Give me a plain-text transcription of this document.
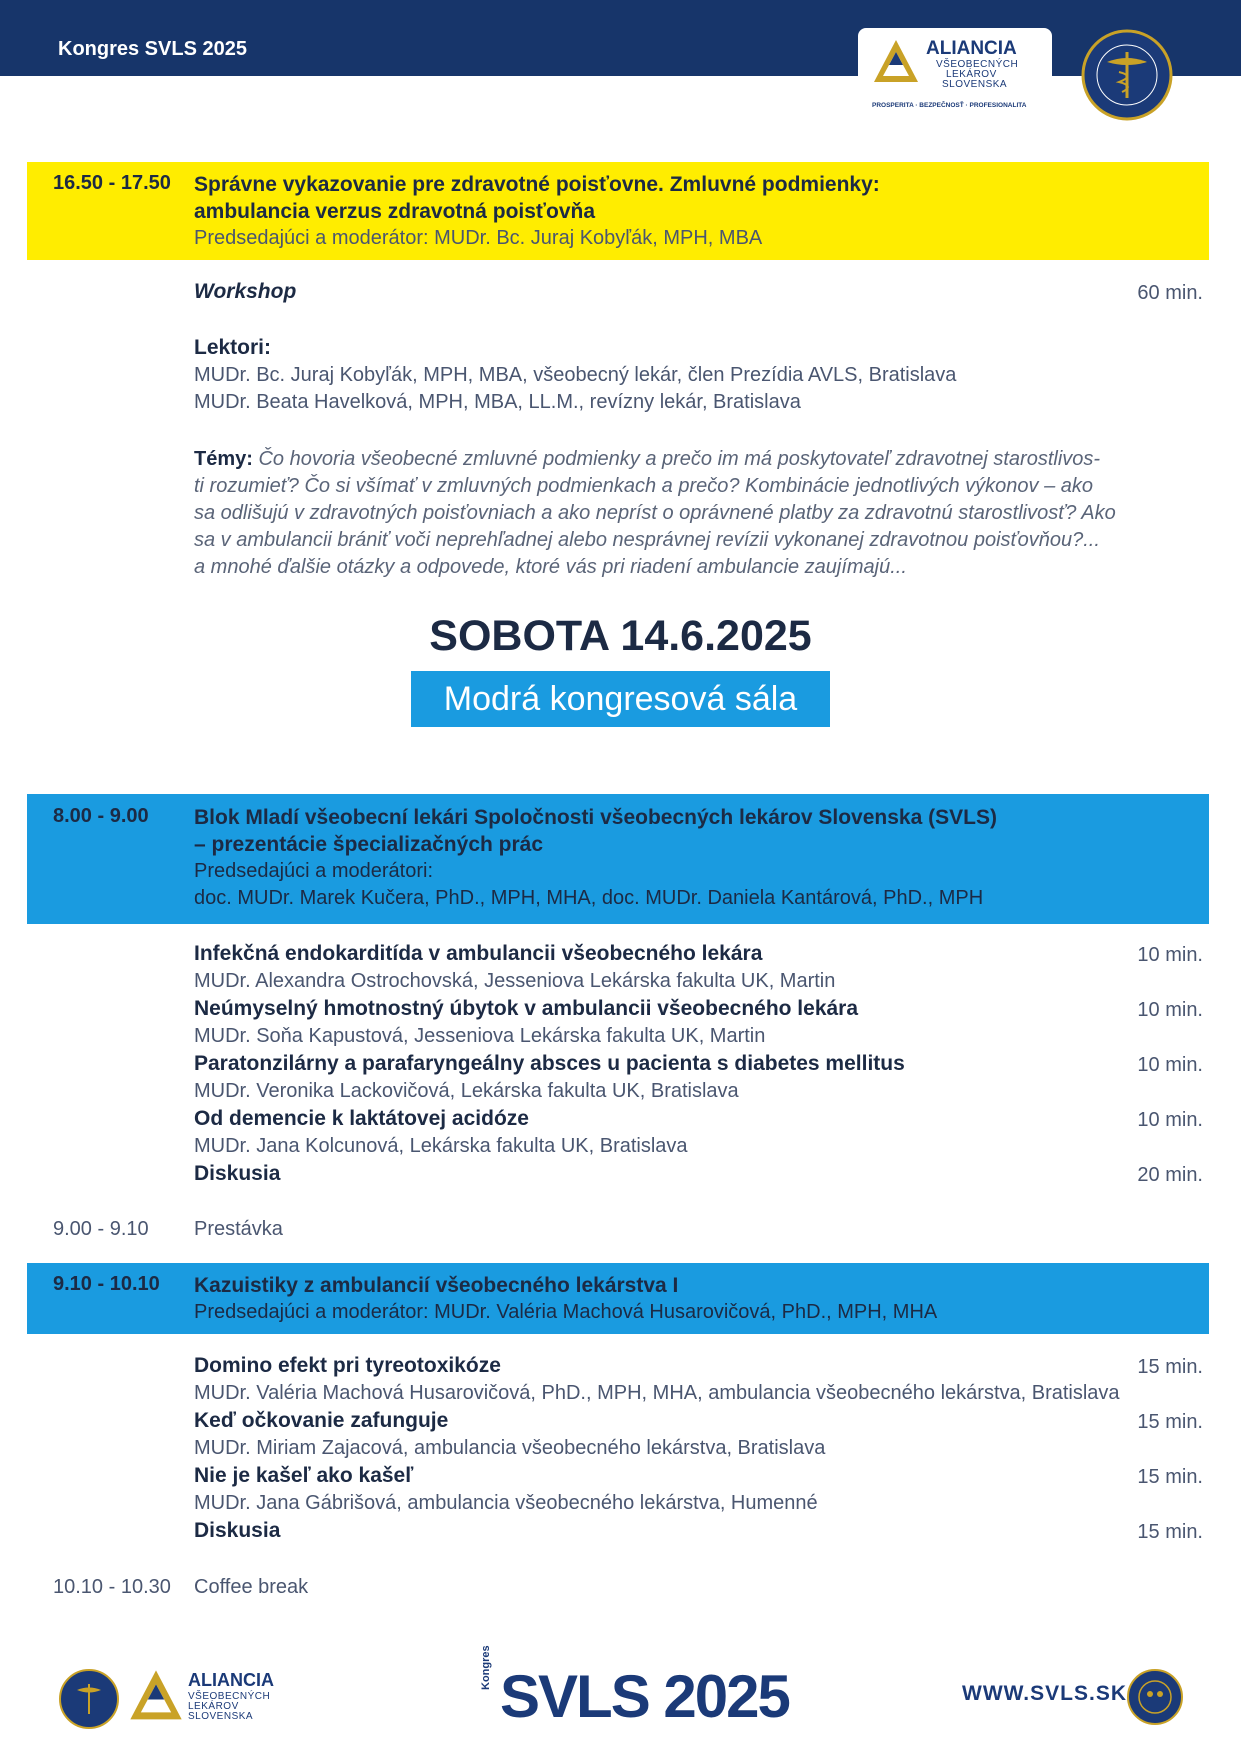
Kongres SVLS 2025	ALIANCIA
VŠEOBECNÝCH
LEKÁROV
SLOVENSKA
PROSPERITA · BEZPEČNOSŤ · PROFESIONALITA
16.50 - 17.50 Správne vykazovanie pre zdravotné poisťovne. Zmluvné podmienky:
ambulancia verzus zdravotná poisťovňa
Predsedajúci a moderátor: MUDr. Bc. Juraj Kobyľák, MPH, MBA
Workshop	60 min.
Lektori:
MUDr. Bc. Juraj Kobyľák, MPH, MBA, všeobecný lekár, člen Prezídia AVLS, Bratislava
MUDr. Beata Havelková, MPH, MBA, LL.M., revízny lekár, Bratislava
Témy: Čo hovoria všeobecné zmluvné podmienky a prečo im má poskytovateľ zdravotnej starostlivos-
ti rozumieť? Čo si všímať v zmluvných podmienkach a prečo? Kombinácie jednotlivých výkonov – ako
sa odlišujú v zdravotných poisťovniach a ako nepríst o oprávnené platby za zdravotnú starostlivosť? Ako
sa v ambulancii brániť voči neprehľadnej alebo nesprávnej revízii vykonanej zdravotnou poisťovňou?...
a mnohé ďalšie otázky a odpovede, ktoré vás pri riadení ambulancie zaujímajú...
SOBOTA 14.6.2025
Modrá kongresová sála
8.00 - 9.00 Blok Mladí všeobecní lekári Spoločnosti všeobecných lekárov Slovenska (SVLS)
– prezentácie špecializačných prác
Predsedajúci a moderátori:
doc. MUDr. Marek Kučera, PhD., MPH, MHA, doc. MUDr. Daniela Kantárová, PhD., MPH
Infekčná endokarditída v ambulancii všeobecného lekára	10 min.
MUDr. Alexandra Ostrochovská, Jesseniova Lekárska fakulta UK, Martin
Neúmyselný hmotnostný úbytok v ambulancii všeobecného lekára	10 min.
MUDr. Soňa Kapustová, Jesseniova Lekárska fakulta UK, Martin
Paratonzilárny a parafaryngeálny absces u pacienta s diabetes mellitus	10 min.
MUDr. Veronika Lackovičová, Lekárska fakulta UK, Bratislava
Od demencie k laktátovej acidóze	10 min.
MUDr. Jana Kolcunová, Lekárska fakulta UK, Bratislava
Diskusia	20 min.
9.00 - 9.10 Prestávka
9.10 - 10.10 Kazuistiky z ambulancií všeobecného lekárstva I
Predsedajúci a moderátor: MUDr. Valéria Machová Husarovičová, PhD., MPH, MHA
Domino efekt pri tyreotoxikóze	15 min.
MUDr. Valéria Machová Husarovičová, PhD., MPH, MHA, ambulancia všeobecného lekárstva, Bratislava
Keď očkovanie zafunguje	15 min.
MUDr. Miriam Zajacová, ambulancia všeobecného lekárstva, Bratislava
Nie je kašeľ ako kašeľ	15 min.
MUDr. Jana Gábrišová, ambulancia všeobecného lekárstva, Humenné
Diskusia	15 min.
10.10 - 10.30 Coffee break
ALIANCIA
VŠEOBECNÝCH
LEKÁROV
SLOVENSKA
Kongres SVLS 2025	WWW.SVLS.SK
